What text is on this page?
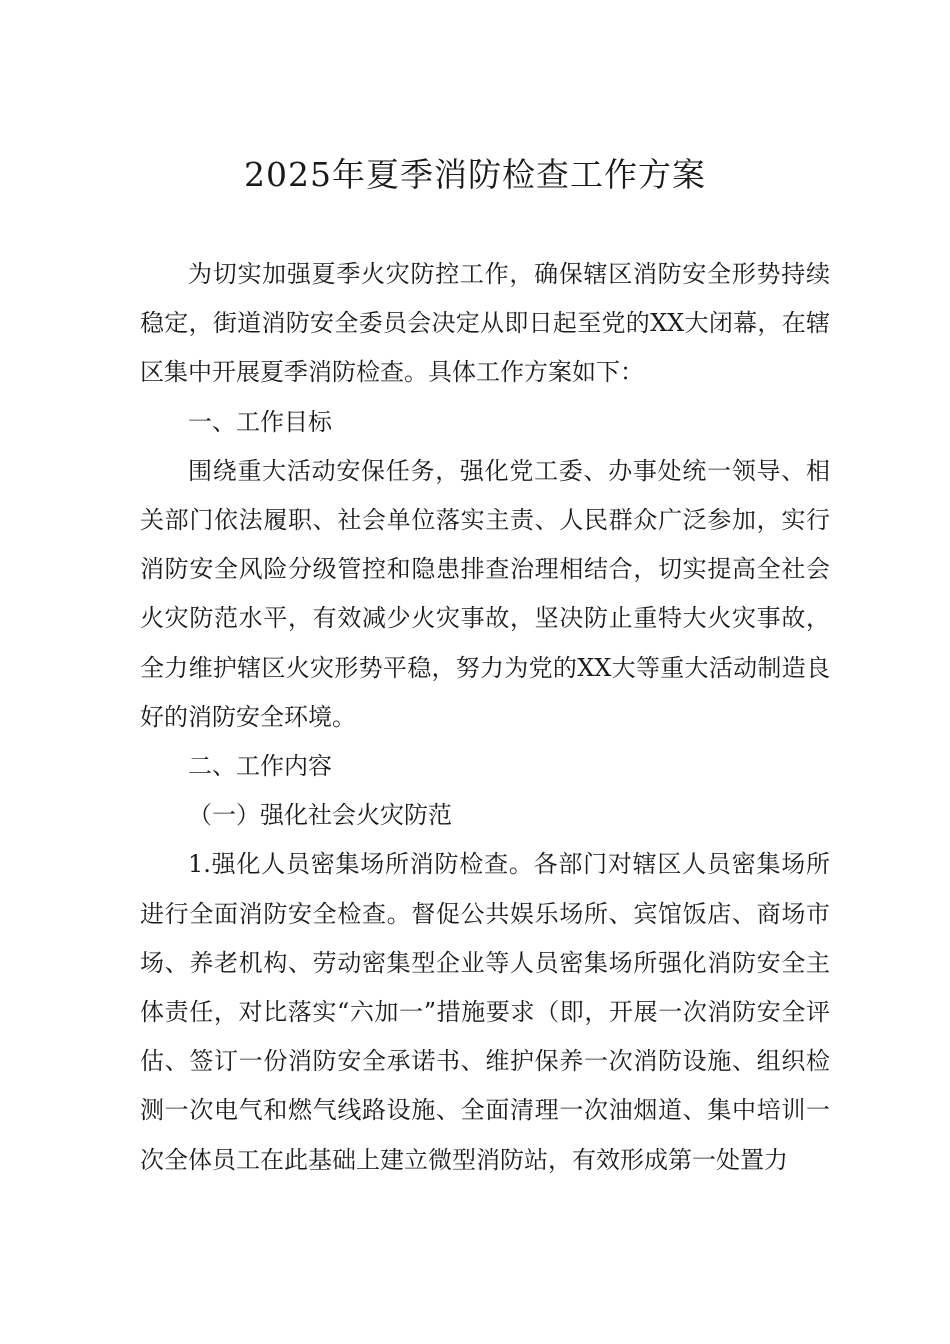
2025年夏季消防检查工作方案

为切实加强夏季火灾防控工作，确保辖区消防安全形势持续稳定，街道消防安全委员会决定从即日起至党的XX大闭幕，在辖区集中开展夏季消防检查。具体工作方案如下：

一、工作目标

围绕重大活动安保任务，强化党工委、办事处统一领导、相关部门依法履职、社会单位落实主责、人民群众广泛参加，实行消防安全风险分级管控和隐患排查治理相结合，切实提高全社会火灾防范水平，有效减少火灾事故，坚决防止重特大火灾事故，全力维护辖区火灾形势平稳，努力为党的XX大等重大活动制造良好的消防安全环境。

二、工作内容

（一）强化社会火灾防范

1.强化人员密集场所消防检查。各部门对辖区人员密集场所进行全面消防安全检查。督促公共娱乐场所、宾馆饭店、商场市场、养老机构、劳动密集型企业等人员密集场所强化消防安全主体责任，对比落实“六加一”措施要求（即，开展一次消防安全评估、签订一份消防安全承诺书、维护保养一次消防设施、组织检测一次电气和燃气线路设施、全面清理一次油烟道、集中培训一次全体员工在此基础上建立微型消防站，有效形成第一处置力
